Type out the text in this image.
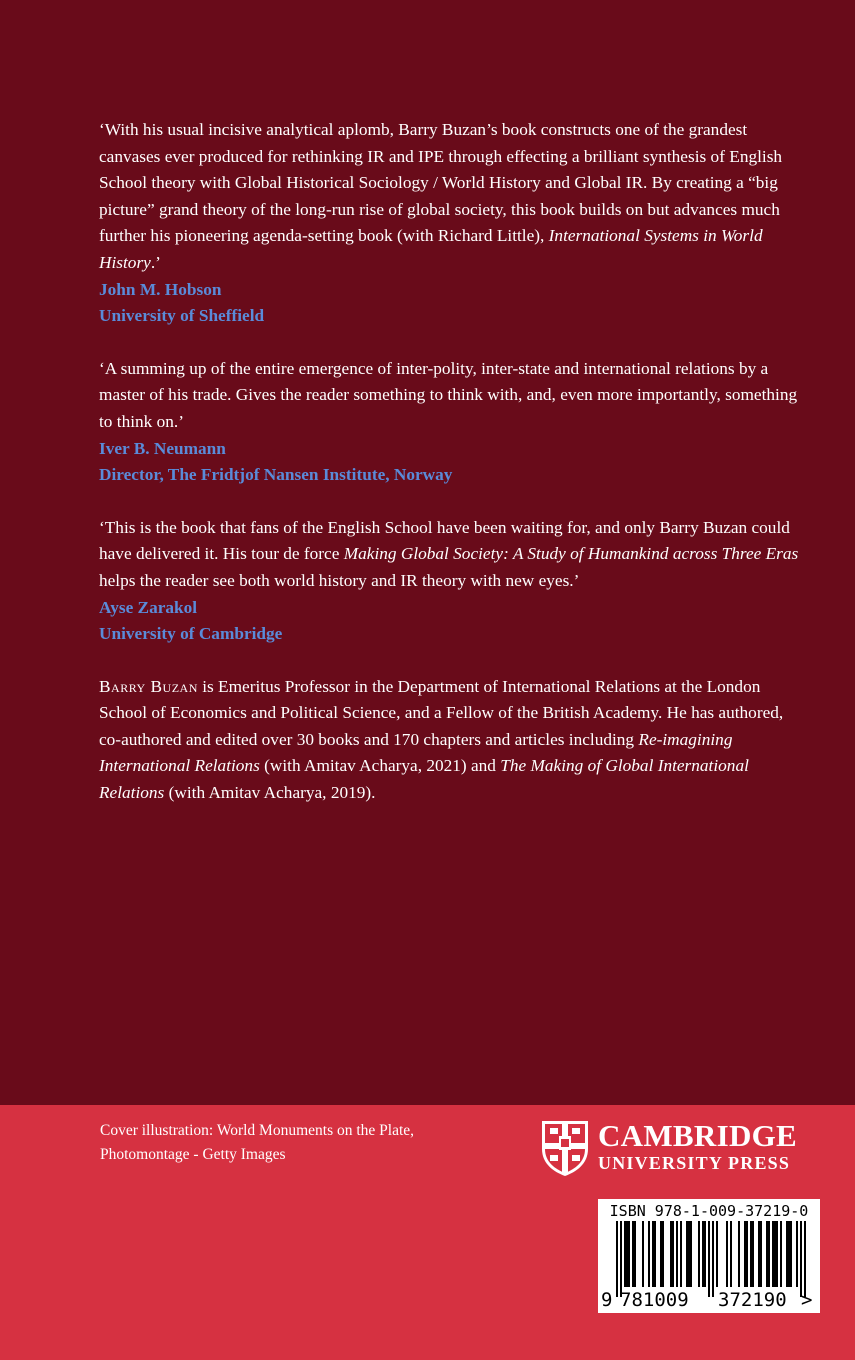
‘With his usual incisive analytical aplomb, Barry Buzan’s book constructs one of the grandest canvases ever produced for rethinking IR and IPE through effecting a brilliant synthesis of English School theory with Global Historical Sociology / World History and Global IR. By creating a “big picture” grand theory of the long-run rise of global society, this book builds on but advances much further his pioneering agenda-setting book (with Richard Little), International Systems in World History.’

John M. Hobson
University of Sheffield

‘A summing up of the entire emergence of inter-polity, inter-state and international relations by a master of his trade. Gives the reader something to think with, and, even more importantly, something to think on.’

Iver B. Neumann
Director, The Fridtjof Nansen Institute, Norway

‘This is the book that fans of the English School have been waiting for, and only Barry Buzan could have delivered it. His tour de force Making Global Society: A Study of Humankind across Three Eras helps the reader see both world history and IR theory with new eyes.’

Ayse Zarakol
University of Cambridge

Barry Buzan is Emeritus Professor in the Department of International Relations at the London School of Economics and Political Science, and a Fellow of the British Academy. He has authored, co-authored and edited over 30 books and 170 chapters and articles including Re-imagining International Relations (with Amitav Acharya, 2021) and The Making of Global International Relations (with Amitav Acharya, 2019).

Cover illustration: World Monuments on the Plate,
Photomontage - Getty Images
CAMBRIDGE
UNIVERSITY PRESS
ISBN 978-1-009-37219-0
9 781009 372190 >
